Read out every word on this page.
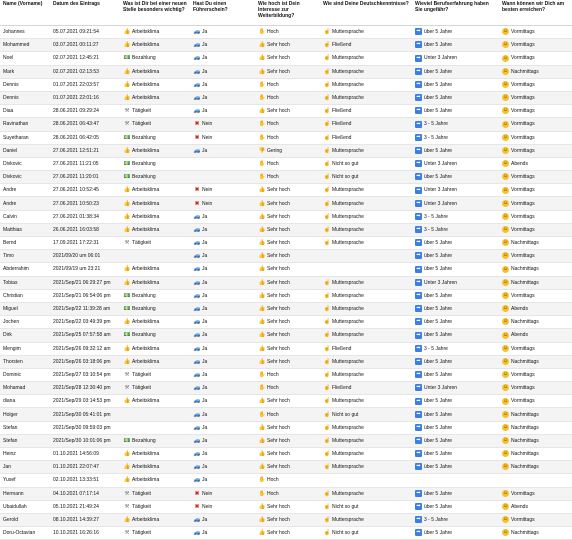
Name (Vorname)	Datum des Eintrags	Was ist Dir bei einer neuen Stelle besonders wichtig?	Hast Du einen Führerschein?	Wie hoch ist Dein Interesse zur Weiterbildung?	Wie sind Deine Deutschkenntnisse?	Wieviel Berufserfahrung haben Sie ungefähr?	Wann können wir Dich am besten erreichen?
Johannes	05.07.2021 09:21:54	👍 Arbeitsklima	🚙 Ja	✋ Hoch	☝ Muttersprache	➡ über 5 Jahre	☺ Vormittags
Mohammed	03.07.2021 00:11:27	👍 Arbeitsklima	🚙 Ja	👍 Sehr hoch	☝ Fließend	➡ über 5 Jahre	☺ Vormittags
Noel	02.07.2021 12:45:21	💵 Bezahlung	🚙 Ja	👍 Sehr hoch	☝ Muttersprache	➡ Unter 3 Jahren	☺ Vormittags
Mark	02.07.2021 02:13:53	👍 Arbeitsklima	🚙 Ja	👍 Sehr hoch	☝ Muttersprache	➡ über 5 Jahre	☺ Nachmittags
Dennis	01.07.2021 22:03:57	👍 Arbeitsklima	🚙 Ja	✋ Hoch	☝ Muttersprache	➡ über 5 Jahre	☺ Vormittags
Dennis	01.07.2021 22:01:16	👍 Arbeitsklima	🚙 Ja	✋ Hoch	☝ Muttersprache	➡ über 5 Jahre	☺ Vormittags
Diaa	28.06.2021 09:29:24	⚒ Tätigkeit	🚙 Ja	👍 Sehr hoch	☝ Fließend	➡ über 5 Jahre	☺ Vormittags
Ravinathan	28.06.2021 06:43:47	⚒ Tätigkeit	✖ Nein	✋ Hoch	☝ Fließend	➡ 3 - 5 Jahre	☺ Vormittags
Suyetharan	28.06.2021 06:42:05	💵 Bezahlung	✖ Nein	✋ Hoch	☝ Fließend	➡ 3 - 5 Jahre	☺ Vormittags
Daniel	27.06.2021 12:51:21	👍 Arbeitsklima	🚙 Ja	👎 Gering	☝ Muttersprache	➡ über 5 Jahre	☺ Vormittags
Divkovic	27.06.2021 11:21:05	💵 Bezahlung		✋ Hoch	☝ Nicht so gut	➡ Unter 3 Jahren	☺ Abends
Divkovic	27.06.2021 11:20:01	💵 Bezahlung		✋ Hoch	☝ Nicht so gut	➡ über 5 Jahre	☺ Vormittags
Andre	27.06.2021 10:52:45	👍 Arbeitsklima	✖ Nein	👍 Sehr hoch	☝ Muttersprache	➡ Unter 3 Jahren	☺ Vormittags
Andre	27.06.2021 10:50:23	👍 Arbeitsklima	✖ Nein	👍 Sehr hoch	☝ Muttersprache	➡ Unter 3 Jahren	☺ Vormittags
Calvin	27.06.2021 01:38:34	👍 Arbeitsklima	🚙 Ja	👍 Sehr hoch	☝ Muttersprache	➡ 3 - 5 Jahre	☺ Vormittags
Matthias	26.06.2021 16:03:58	👍 Arbeitsklima	🚙 Ja	👍 Sehr hoch	☝ Muttersprache	➡ 3 - 5 Jahre	☺ Vormittags
Bernd	17.09.2021 17:22:31	⚒ Tätigkeit	🚙 Ja	👍 Sehr hoch	☝ Muttersprache	➡ über 5 Jahre	☺ Nachmittags
Timo	2021/09/20 um 06:01		🚙 Ja	👍 Sehr hoch		➡ über 5 Jahre	☺ Vormittags
Abderrahim	2021/09/19 um 23:21	👍 Arbeitsklima	🚙 Ja	👍 Sehr hoch		➡ über 5 Jahre	☺ Nachmittags
Tobias	2021/Sep/21 06:29:27 pm	👍 Arbeitsklima	🚙 Ja	👍 Sehr hoch	☝ Muttersprache	➡ Unter 3 Jahren	☺ Nachmittags
Christian	2021/Sep/21 06:54:06 pm	💵 Bezahlung	🚙 Ja	👍 Sehr hoch	☝ Muttersprache	➡ über 5 Jahre	☺ Vormittags
Miguel	2021/Sep/22 11:39:28 am	💵 Bezahlung	🚙 Ja	👍 Sehr hoch	☝ Muttersprache	➡ über 5 Jahre	☺ Abends
Jochen	2021/Sep/22 03:49:39 pm	👍 Arbeitsklima	🚙 Ja	👍 Sehr hoch	☝ Muttersprache	➡ über 5 Jahre	☺ Nachmittags
Dirk	2021/Sep/25 07:57:58 am	💵 Bezahlung	🚙 Ja	👍 Sehr hoch	☝ Muttersprache	➡ über 5 Jahre	☺ Abends
Mengim	2021/Sep/26 09:32:12 am	👍 Arbeitsklima	🚙 Ja	👍 Sehr hoch	☝ Fließend	➡ 3 - 5 Jahre	☺ Vormittags
Thorsten	2021/Sep/26 03:18:06 pm	👍 Arbeitsklima	🚙 Ja	👍 Sehr hoch	☝ Muttersprache	➡ über 5 Jahre	☺ Nachmittags
Dominic	2021/Sep/27 03:10:54 pm	⚒ Tätigkeit	🚙 Ja	✋ Hoch	☝ Muttersprache	➡ über 5 Jahre	☺ Vormittags
Mohamad	2021/Sep/28 12:30:40 pm	⚒ Tätigkeit	🚙 Ja	✋ Hoch	☝ Fließend	➡ Unter 3 Jahren	☺ Vormittags
diana	2021/Sep/29 03:14:53 pm	👍 Arbeitsklima	🚙 Ja	👍 Sehr hoch	☝ Muttersprache	➡ über 5 Jahre	☺ Vormittags
Holger	2021/Sep/30 05:41:01 pm		🚙 Ja	✋ Hoch	☝ Nicht so gut	➡ über 5 Jahre	☺ Nachmittags
Stefan	2021/Sep/30 09:59:03 pm		🚙 Ja	👍 Sehr hoch	☝ Muttersprache	➡ über 5 Jahre	☺ Nachmittags
Stefan	2021/Sep/30 10:01:06 pm	💵 Bezahlung	🚙 Ja	👍 Sehr hoch	☝ Muttersprache	➡ über 5 Jahre	☺ Nachmittags
Heinz	01.10.2021 14:56:09	👍 Arbeitsklima	🚙 Ja	👍 Sehr hoch	☝ Muttersprache	➡ über 5 Jahre	☺ Nachmittags
Jan	01.10.2021 22:07:47	👍 Arbeitsklima	🚙 Ja	👍 Sehr hoch	☝ Muttersprache	➡ über 5 Jahre	☺ Nachmittags
Yusef	02.10.2021 13:33:51	👍 Arbeitsklima	🚙 Ja	✋ Hoch			
Hermann	04.10.2021 07:17:14	⚒ Tätigkeit	✖ Nein	✋ Hoch	☝ Muttersprache	➡ über 5 Jahre	☺ Vormittags
Ubaidullah	05.10.2021 21:49:24	⚒ Tätigkeit	✖ Nein	👍 Sehr hoch	☝ Nicht so gut	➡ über 5 Jahre	☺ Abends
Gerold	08.10.2021 14:39:27	👍 Arbeitsklima	🚙 Ja	👍 Sehr hoch	☝ Muttersprache	➡ 3 - 5 Jahre	☺ Vormittags
Doru-Octavian	10.10.2021 16:26:16	⚒ Tätigkeit	🚙 Ja	👍 Sehr hoch	☝ Nicht so gut	➡ über 5 Jahre	☺ Nachmittags
